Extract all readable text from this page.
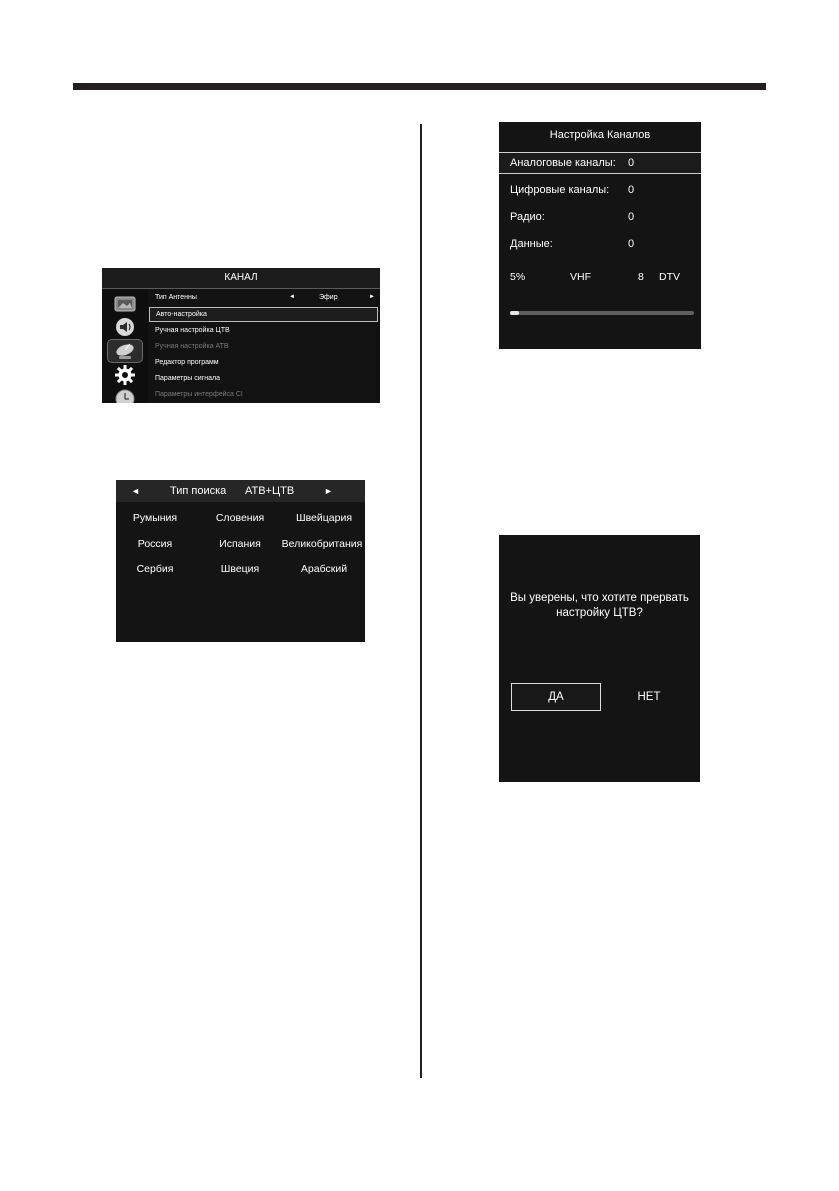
КАНАЛ
Тип Антенны	◄	Эфир	►
Авто-настройка
Ручная настройка ЦТВ
Ручная настройка АТВ
Редактор программ
Параметры сигнала
Параметры интерфейса CI
◄	Тип поиска АТВ+ЦТВ	►
Румыния	Словения	Швейцария
Россия	Испания	Великобритания
Сербия	Швеция	Арабский
Настройка Каналов
Аналоговые каналы: 0
Цифровые каналы: 0
Радио:	0
Данные:	0
5%	VHF	8 DTV
Вы уверены, что хотите прервать
настройку ЦТВ?
ДА	НЕТ
